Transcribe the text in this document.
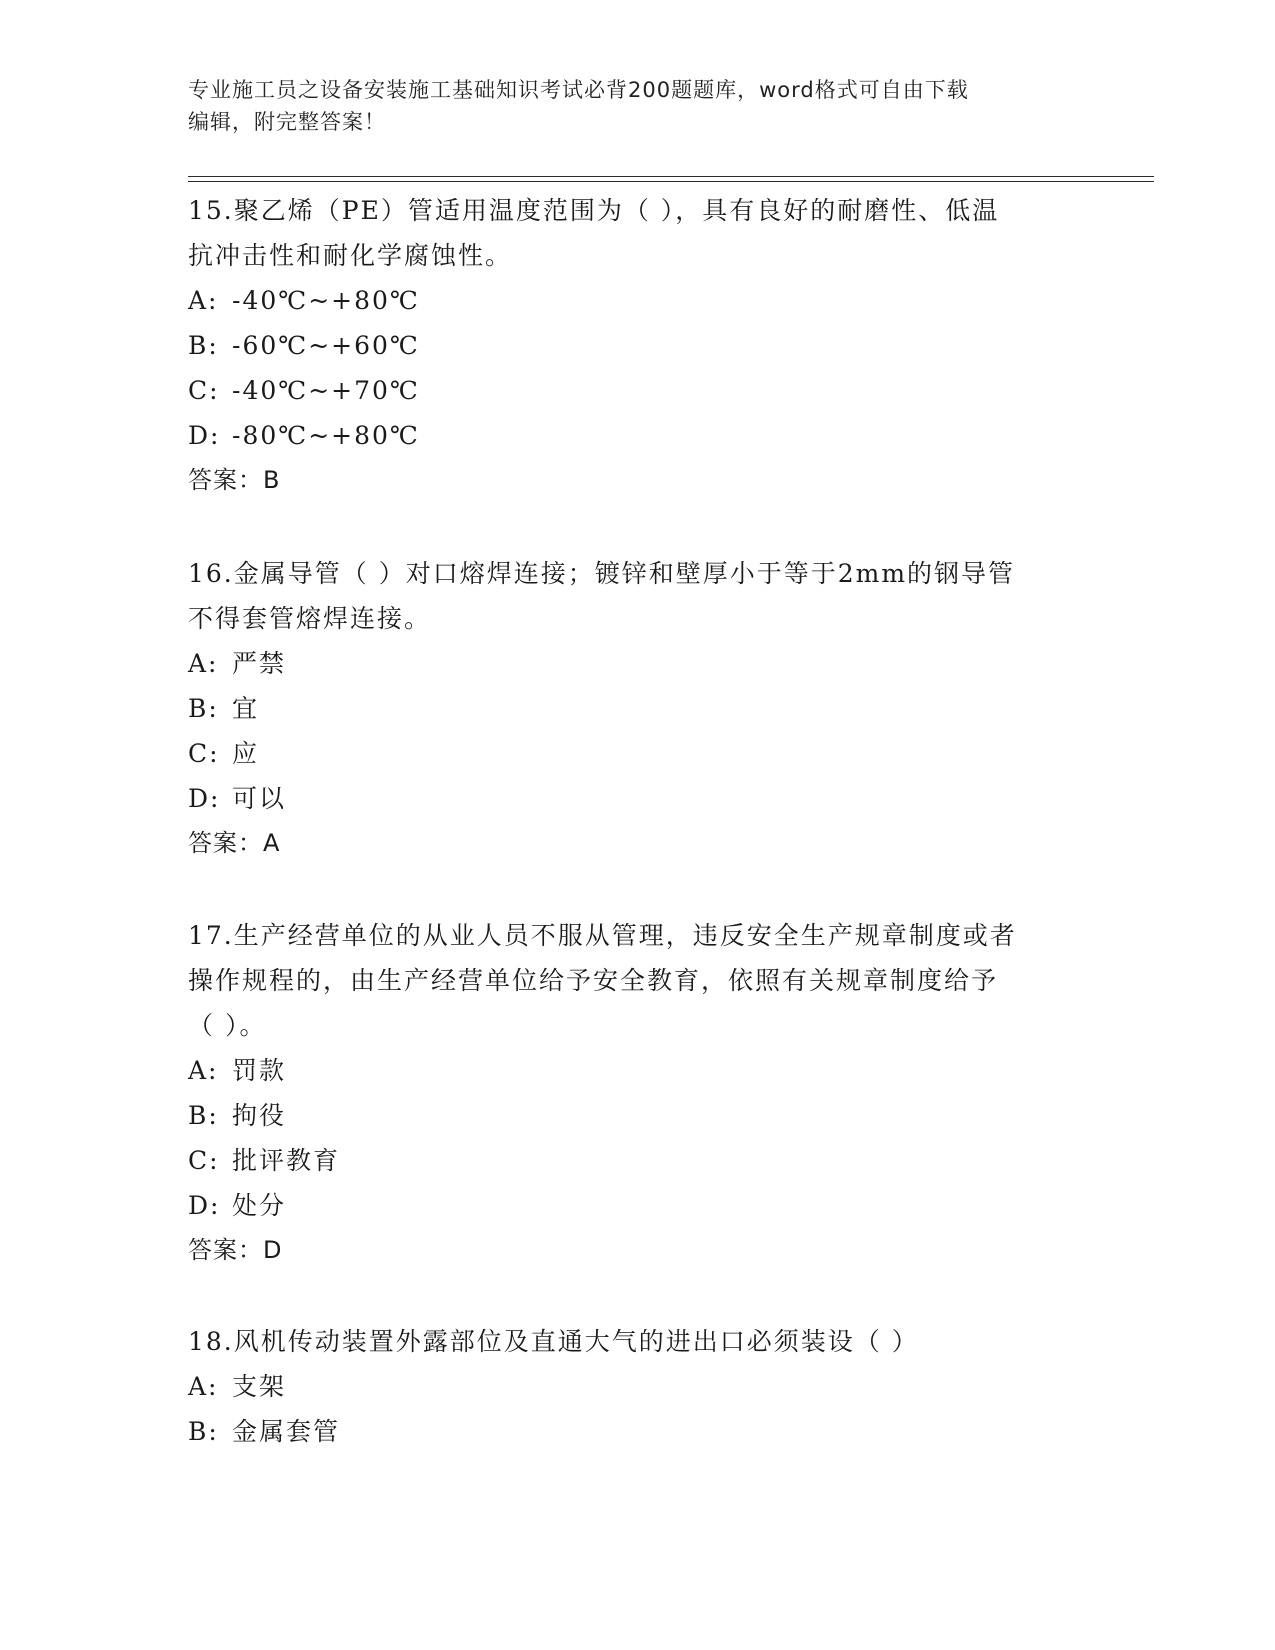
专业施工员之设备安装施工基础知识考试必背200题题库，word格式可自由下载
编辑，附完整答案！
15.聚乙烯（PE）管适用温度范围为（ ），具有良好的耐磨性、低温
抗冲击性和耐化学腐蚀性。
A: -40℃~+80℃
B: -60℃~+60℃
C: -40℃~+70℃
D: -80℃~+80℃
答案：B
16.金属导管（ ）对口熔焊连接；镀锌和壁厚小于等于2mm的钢导管
不得套管熔焊连接。
A: 严禁
B: 宜
C: 应
D: 可以
答案：A
17.生产经营单位的从业人员不服从管理，违反安全生产规章制度或者
操作规程的，由生产经营单位给予安全教育，依照有关规章制度给予
（ ）。
A: 罚款
B: 拘役
C: 批评教育
D: 处分
答案：D
18.风机传动装置外露部位及直通大气的进出口必须装设（ ）
A: 支架
B: 金属套管
